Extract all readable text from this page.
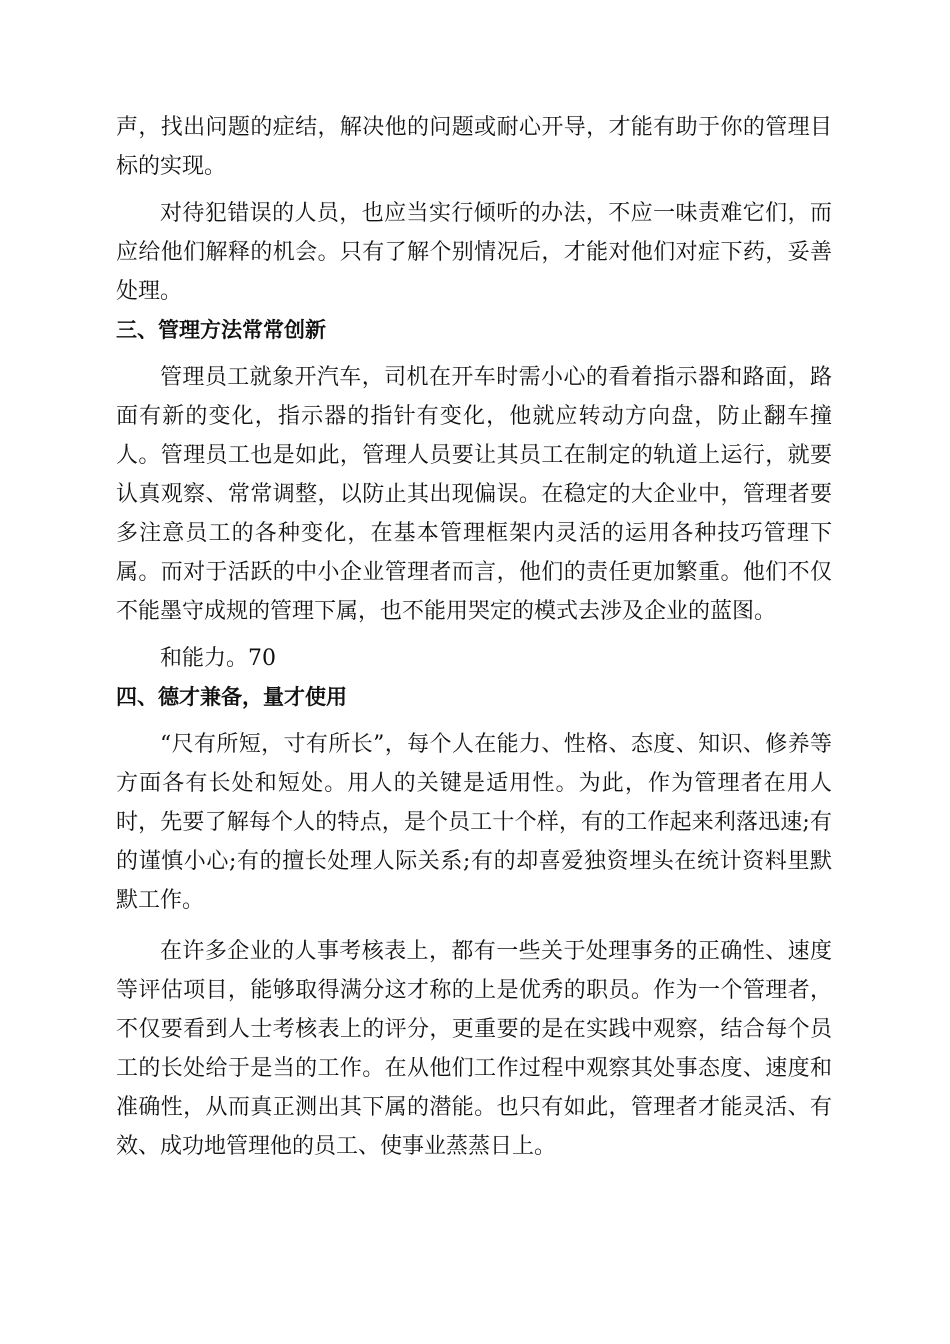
声，找出问题的症结，解决他的问题或耐心开导，才能有助于你的管理目标的实现。

对待犯错误的人员，也应当实行倾听的办法，不应一味责难它们，而应给他们解释的机会。只有了解个别情况后，才能对他们对症下药，妥善处理。

三、管理方法常常创新

管理员工就象开汽车，司机在开车时需小心的看着指示器和路面，路面有新的变化，指示器的指针有变化，他就应转动方向盘，防止翻车撞人。管理员工也是如此，管理人员要让其员工在制定的轨道上运行，就要认真观察、常常调整，以防止其出现偏误。在稳定的大企业中，管理者要多注意员工的各种变化，在基本管理框架内灵活的运用各种技巧管理下属。而对于活跃的中小企业管理者而言，他们的责任更加繁重。他们不仅不能墨守成规的管理下属，也不能用哭定的模式去涉及企业的蓝图。

和能力。70

四、德才兼备，量才使用

“尺有所短，寸有所长”，每个人在能力、性格、态度、知识、修养等方面各有长处和短处。用人的关键是适用性。为此，作为管理者在用人时，先要了解每个人的特点，是个员工十个样，有的工作起来利落迅速;有的谨慎小心;有的擅长处理人际关系;有的却喜爱独资埋头在统计资料里默默工作。

在许多企业的人事考核表上，都有一些关于处理事务的正确性、速度等评估项目，能够取得满分这才称的上是优秀的职员。作为一个管理者，不仅要看到人士考核表上的评分，更重要的是在实践中观察，结合每个员工的长处给于是当的工作。在从他们工作过程中观察其处事态度、速度和准确性，从而真正测出其下属的潜能。也只有如此，管理者才能灵活、有效、成功地管理他的员工、使事业蒸蒸日上。
